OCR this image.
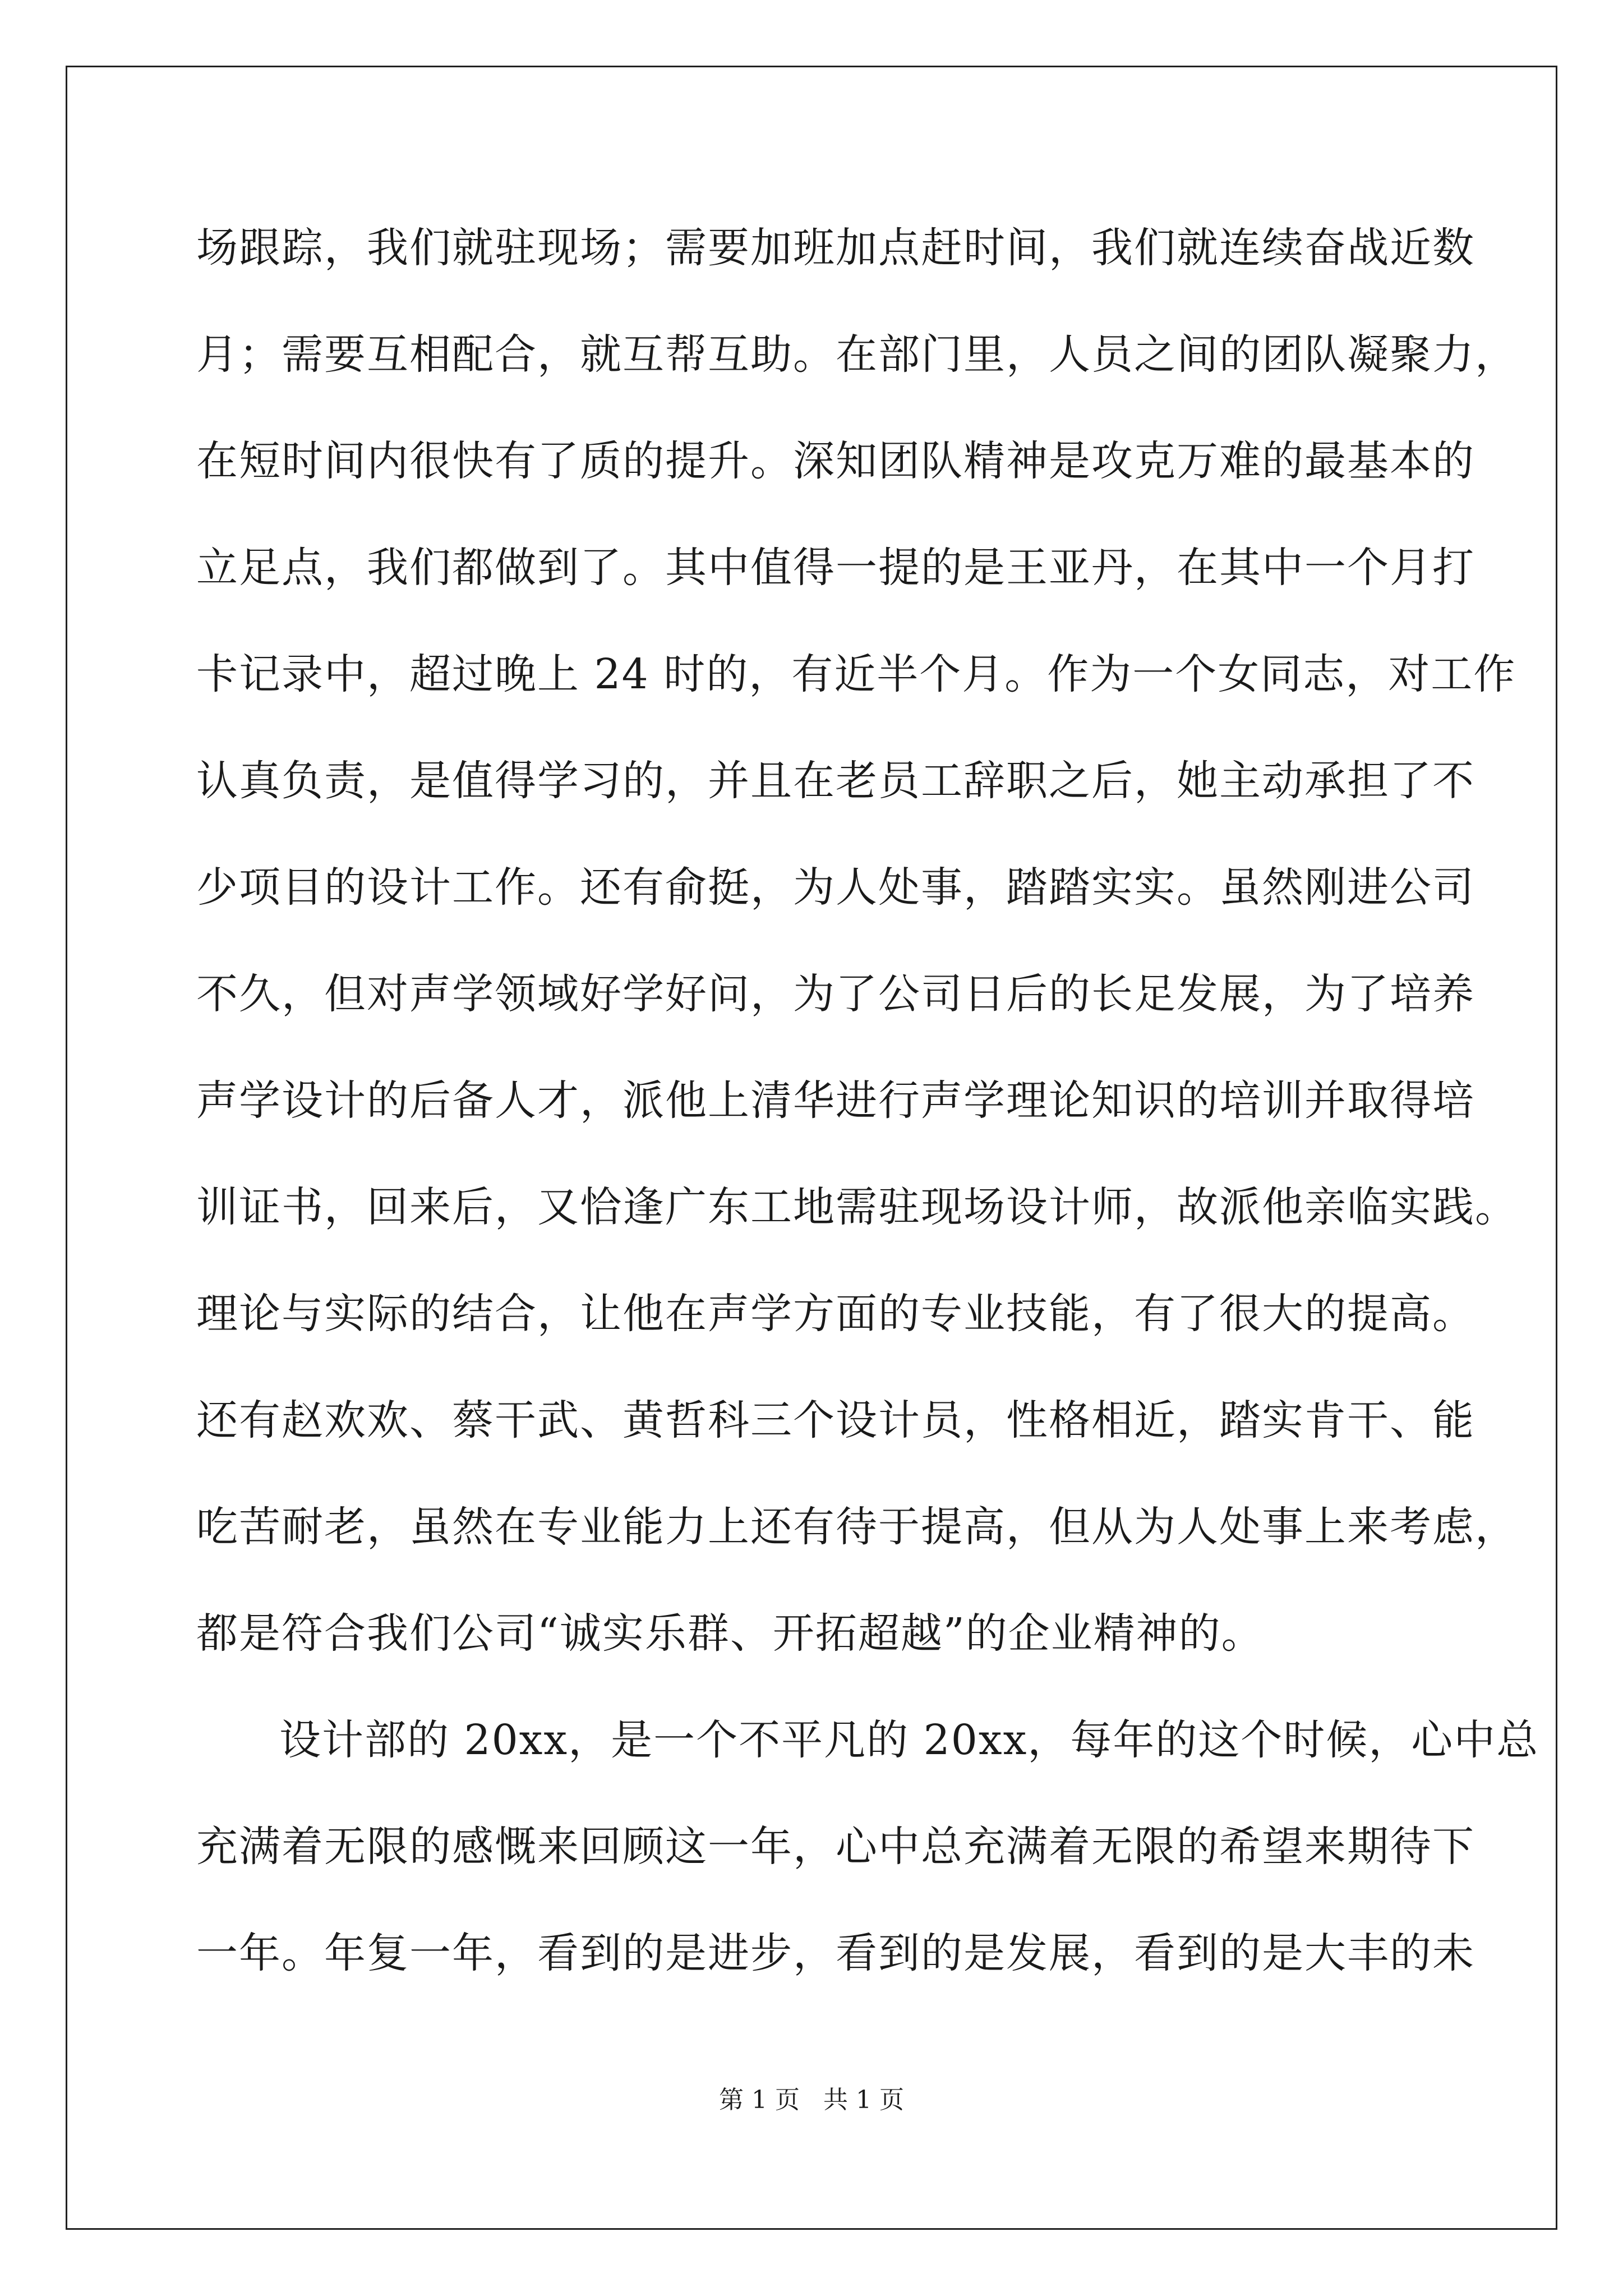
场跟踪，我们就驻现场；需要加班加点赶时间，我们就连续奋战近数
月；需要互相配合，就互帮互助。在部门里，人员之间的团队凝聚力，
在短时间内很快有了质的提升。深知团队精神是攻克万难的最基本的
立足点，我们都做到了。其中值得一提的是王亚丹，在其中一个月打
卡记录中，超过晚上 24 时的，有近半个月。作为一个女同志，对工作
认真负责，是值得学习的，并且在老员工辞职之后，她主动承担了不
少项目的设计工作。还有俞挺，为人处事，踏踏实实。虽然刚进公司
不久，但对声学领域好学好问，为了公司日后的长足发展，为了培养
声学设计的后备人才，派他上清华进行声学理论知识的培训并取得培
训证书，回来后，又恰逢广东工地需驻现场设计师，故派他亲临实践。
理论与实际的结合，让他在声学方面的专业技能，有了很大的提高。
还有赵欢欢、蔡干武、黄哲科三个设计员，性格相近，踏实肯干、能
吃苦耐老，虽然在专业能力上还有待于提高，但从为人处事上来考虑，
都是符合我们公司“诚实乐群、开拓超越”的企业精神的。
设计部的 20xx，是一个不平凡的 20xx，每年的这个时候，心中总
充满着无限的感慨来回顾这一年，心中总充满着无限的希望来期待下
一年。年复一年，看到的是进步，看到的是发展，看到的是大丰的未
第 1 页   共 1 页
